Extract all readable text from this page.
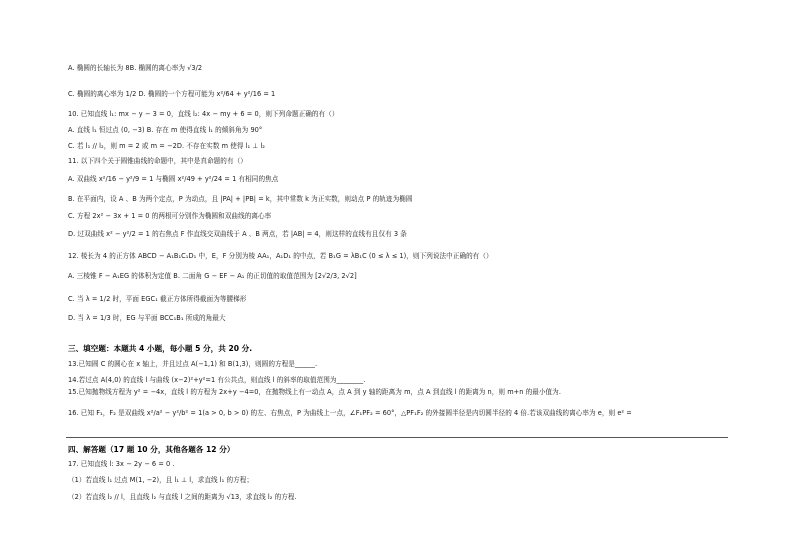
A. 椭圆的长轴长为 8B. 椭圆的离心率为 √3/2
C. 椭圆的离心率为 1/2 D. 椭圆的一个方程可能为 x²/64 + y²/16 = 1
10. 已知直线 l₁: mx − y − 3 = 0，直线 l₂: 4x − my + 6 = 0，则下列命题正确的有（）
A. 直线 l₁ 恒过点 (0, −3) B. 存在 m 使得直线 l₁ 的倾斜角为 90°
C. 若 l₁ // l₂，则 m = 2 或 m = −2D. 不存在实数 m 使得 l₁ ⊥ l₂
11. 以下四个关于圆锥曲线的命题中，其中是真命题的有（）
A. 双曲线 x²/16 − y²/9 = 1 与椭圆 x²/49 + y²/24 = 1 有相同的焦点
B. 在平面内，设 A 、B 为两个定点，P 为动点，且 |PA| + |PB| = k，其中常数 k 为正实数，则动点 P 的轨迹为椭圆
C. 方程 2x² − 3x + 1 = 0 的两根可分别作为椭圆和双曲线的离心率
D. 过双曲线 x² − y²/2 = 1 的右焦点 F 作直线交双曲线于 A 、B 两点，若 |AB| = 4，则这样的直线有且仅有 3 条
12. 棱长为 4 的正方体 ABCD − A₁B₁C₁D₁ 中，E，F 分别为棱 AA₁，A₁D₁ 的中点，若 B₁G = λB₁C (0 ≤ λ ≤ 1)，则下列说法中正确的有（）
A. 三棱锥 F − A₁EG 的体积为定值 B. 二面角 G − EF − A₁ 的正切值的取值范围为 [2√2/3, 2√2]
C. 当 λ = 1/2 时，平面 EGC₁ 截正方体所得截面为等腰梯形
D. 当 λ = 1/3 时，EG 与平面 BCC₁B₁ 所成的角最大
三、填空题：本题共 4 小题，每小题 5 分，共 20 分.
13.已知圆 C 的圆心在 x 轴上，并且过点 A(−1,1) 和 B(1,3)，则圆的方程是______.
14.若过点 A(4,0) 的直线 l 与曲线 (x−2)²+y²=1 有公共点，则直线 l 的斜率的取值范围为________.
15.已知抛物线方程为 y² = −4x，直线 l 的方程为 2x+y −4=0，在抛物线上有一动点 A，点 A 到 y 轴的距离为 m，点 A 到直线 l 的距离为 n，则 m+n 的最小值为.
16. 已知 F₁，F₂ 是双曲线 x²/a² − y²/b² = 1(a > 0, b > 0) 的左、右焦点，P 为曲线上一点，∠F₁PF₂ = 60°，△PF₁F₂ 的外接圆半径是内切圆半径的 4 倍.若该双曲线的离心率为 e，则 e² =
四、解答题（17 题 10 分，其他各题各 12 分）
17. 已知直线 l: 3x − 2y − 6 = 0 .
（1）若直线 l₁ 过点 M(1, −2)，且 l₁ ⊥ l，求直线 l₁ 的方程；
（2）若直线 l₂ // l，且直线 l₂ 与直线 l 之间的距离为 √13，求直线 l₂ 的方程.
